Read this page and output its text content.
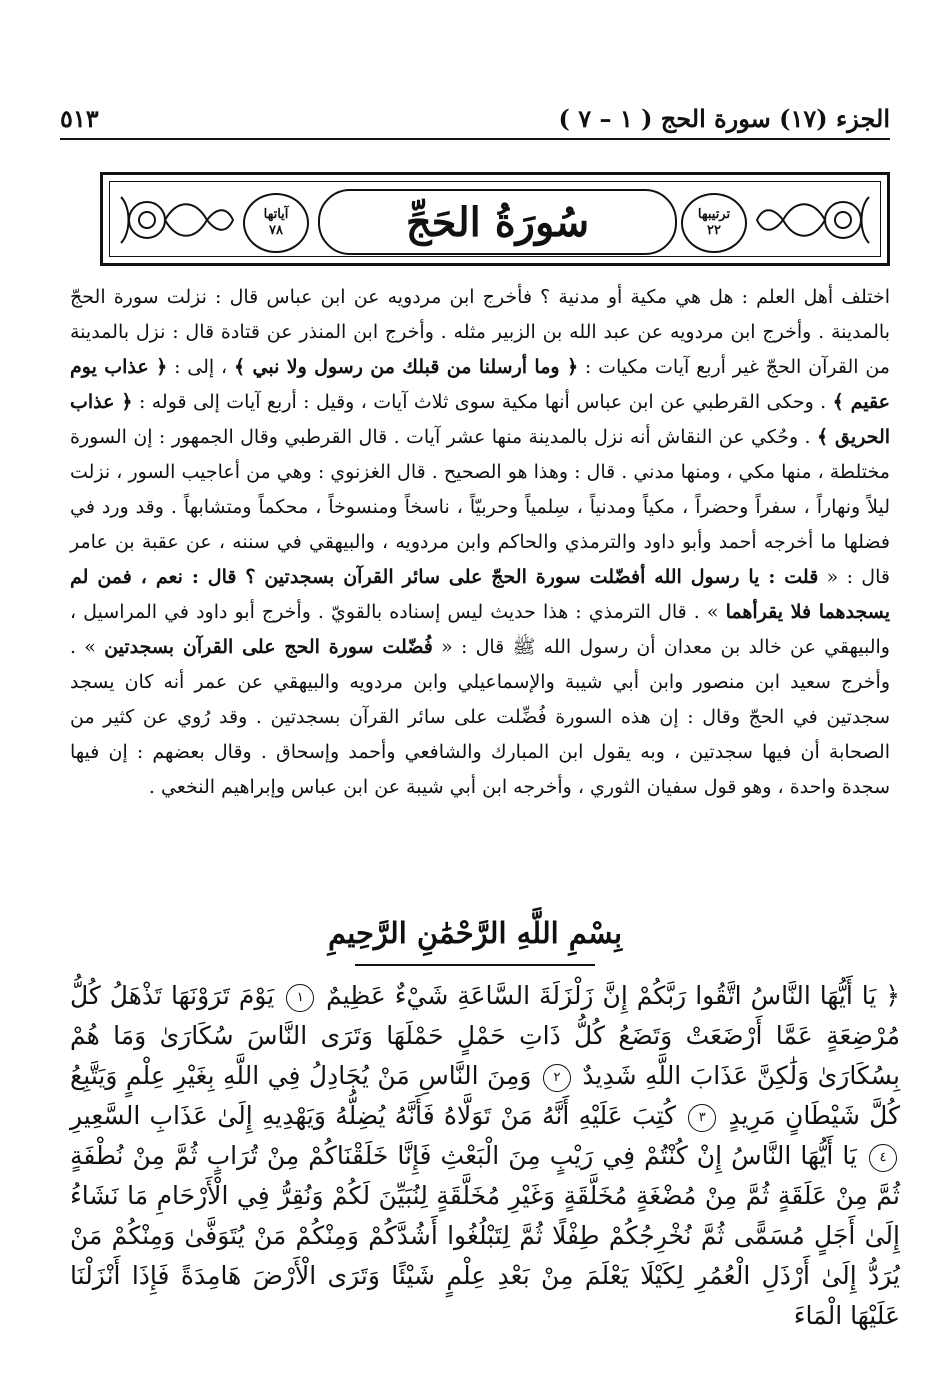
الجزء (١٧) سورة الحج ( ١ – ٧ )
٥١٣
ترتيبها
٢٢
آياتها
٧٨	سُورَةُ الحَجِّ

اختلف أهل العلم : هل هي مكية أو مدنية ؟ فأخرج ابن مردويه عن ابن عباس قال : نزلت سورة الحجّ بالمدينة . وأخرج ابن مردويه عن عبد الله بن الزبير مثله . وأخرج ابن المنذر عن قتادة قال : نزل بالمدينة من القرآن الحجّ غير أربع آيات مكيات : ﴿ وما أرسلنا من قبلك من رسول ولا نبي ﴾ ، إلى : ﴿ عذاب يوم عقيم ﴾ . وحكى القرطبي عن ابن عباس أنها مكية سوى ثلاث آيات ، وقيل : أربع آيات إلى قوله : ﴿ عذاب الحريق ﴾ . وحُكي عن النقاش أنه نزل بالمدينة منها عشر آيات . قال القرطبي وقال الجمهور : إن السورة مختلطة ، منها مكي ، ومنها مدني . قال : وهذا هو الصحيح . قال الغزنوي : وهي من أعاجيب السور ، نزلت ليلاً ونهاراً ، سفراً وحضراً ، مكياً ومدنياً ، سِلمياً وحربيّاً ، ناسخاً ومنسوخاً ، محكماً ومتشابهاً . وقد ورد في فضلها ما أخرجه أحمد وأبو داود والترمذي والحاكم وابن مردويه ، والبيهقي في سننه ، عن عقبة بن عامر قال : « قلت : يا رسول الله أفضّلت سورة الحجّ على سائر القرآن بسجدتين ؟ قال : نعم ، فمن لم يسجدهما فلا يقرأهما » . قال الترمذي : هذا حديث ليس إسناده بالقويّ . وأخرج أبو داود في المراسيل ، والبيهقي عن خالد بن معدان أن رسول الله ﷺ قال : « فُضّلت سورة الحج على القرآن بسجدتين » . وأخرج سعيد ابن منصور وابن أبي شيبة والإسماعيلي وابن مردويه والبيهقي عن عمر أنه كان يسجد سجدتين في الحجّ وقال : إن هذه السورة فُضِّلت على سائر القرآن بسجدتين . وقد رُوي عن كثير من الصحابة أن فيها سجدتين ، وبه يقول ابن المبارك والشافعي وأحمد وإسحاق . وقال بعضهم : إن فيها سجدة واحدة ، وهو قول سفيان الثوري ، وأخرجه ابن أبي شيبة عن ابن عباس وإبراهيم النخعي .

بِسْمِ اللَّهِ الرَّحْمَٰنِ الرَّحِيمِ

﴿ يَا أَيُّهَا النَّاسُ اتَّقُوا رَبَّكُمْ إِنَّ زَلْزَلَةَ السَّاعَةِ شَيْءٌ عَظِيمٌ ١ يَوْمَ تَرَوْنَهَا تَذْهَلُ كُلُّ مُرْضِعَةٍ عَمَّا أَرْضَعَتْ وَتَضَعُ كُلُّ ذَاتِ حَمْلٍ حَمْلَهَا وَتَرَى النَّاسَ سُكَارَىٰ وَمَا هُمْ بِسُكَارَىٰ وَلَٰكِنَّ عَذَابَ اللَّهِ شَدِيدٌ ٢ وَمِنَ النَّاسِ مَنْ يُجَادِلُ فِي اللَّهِ بِغَيْرِ عِلْمٍ وَيَتَّبِعُ كُلَّ شَيْطَانٍ مَرِيدٍ ٣ كُتِبَ عَلَيْهِ أَنَّهُ مَنْ تَوَلَّاهُ فَأَنَّهُ يُضِلُّهُ وَيَهْدِيهِ إِلَىٰ عَذَابِ السَّعِيرِ ٤ يَا أَيُّهَا النَّاسُ إِنْ كُنْتُمْ فِي رَيْبٍ مِنَ الْبَعْثِ فَإِنَّا خَلَقْنَاكُمْ مِنْ تُرَابٍ ثُمَّ مِنْ نُطْفَةٍ ثُمَّ مِنْ عَلَقَةٍ ثُمَّ مِنْ مُضْغَةٍ مُخَلَّقَةٍ وَغَيْرِ مُخَلَّقَةٍ لِنُبَيِّنَ لَكُمْ وَنُقِرُّ فِي الْأَرْحَامِ مَا نَشَاءُ إِلَىٰ أَجَلٍ مُسَمًّى ثُمَّ نُخْرِجُكُمْ طِفْلًا ثُمَّ لِتَبْلُغُوا أَشُدَّكُمْ وَمِنْكُمْ مَنْ يُتَوَفَّىٰ وَمِنْكُمْ مَنْ يُرَدُّ إِلَىٰ أَرْذَلِ الْعُمُرِ لِكَيْلَا يَعْلَمَ مِنْ بَعْدِ عِلْمٍ شَيْئًا وَتَرَى الْأَرْضَ هَامِدَةً فَإِذَا أَنْزَلْنَا عَلَيْهَا الْمَاءَ
